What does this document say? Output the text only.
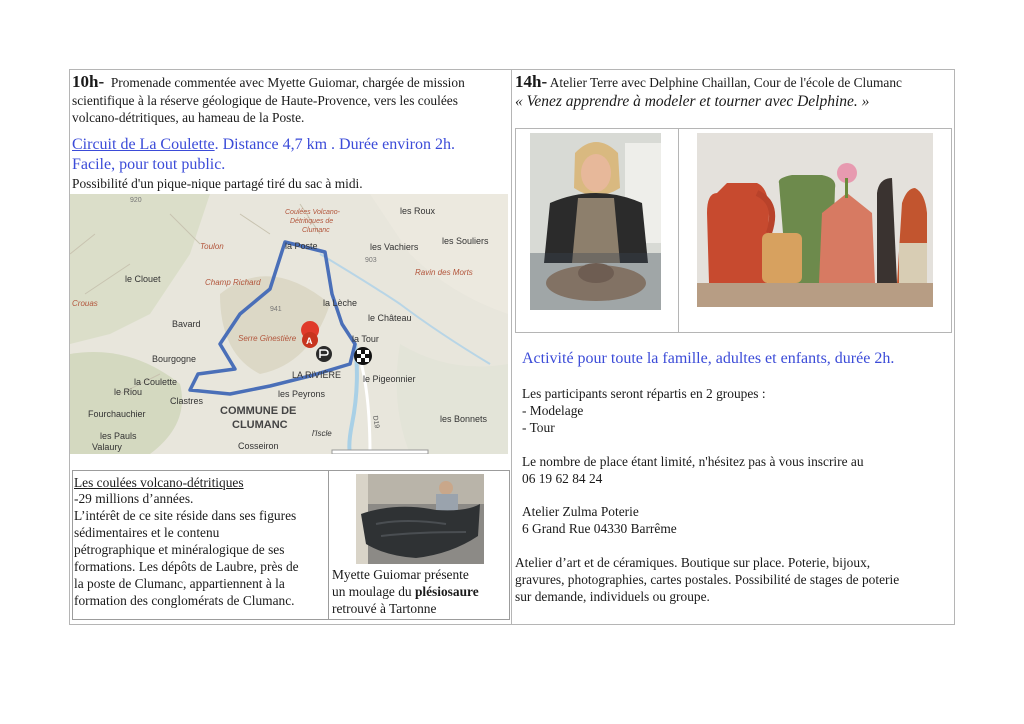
10h- Promenade commentée avec Myette Guiomar, chargée de mission
scientifique à la réserve géologique de Haute-Provence, vers les coulées
volcano-détritiques, au hameau de la Poste.
Circuit de La Coulette. Distance 4,7 km . Durée environ 2h.
Facile, pour tout public.
Possibilité d'un pique-nique partagé tiré du sac à midi.
les Roux
les Souliers
les Vachiers
Ravin des Morts
la Poste
Coulées Volcano-
Détritiques de
Clumanc
Toulon
le Clouet	Champ Richard
Crouas	la Lèche
le Château
Bavard
Serre Ginestière	la Tour
Bourgogne
LA RIVIÈRE le Pigeonnier
le Riou
la Coulette
les Peyrons
Clastres
COMMUNE DE
CLUMANC
Fourchauchier	les Bonnets
l'Iscle
les Pauls
Valaury	Cosseiron
920
903
941
D19
A
Les coulées volcano-détritiques
-29 millions d’années.
L’intérêt de ce site réside dans ses figures
sédimentaires et le contenu
pétrographique et minéralogique de ses
formations. Les dépôts de Laubre, près de
la poste de Clumanc, appartiennent à la
formation des conglomérats de Clumanc.
Myette Guiomar présente
un moulage du plésiosaure
retrouvé à Tartonne
14h- Atelier Terre avec Delphine Chaillan, Cour de l'école de Clumanc
« Venez apprendre à modeler et tourner avec Delphine. »
Activité pour toute la famille, adultes et enfants, durée 2h.
Les participants seront répartis en 2 groupes :
- Modelage
- Tour
Le nombre de place étant limité, n'hésitez pas à vous inscrire au
06 19 62 84 24
Atelier Zulma Poterie
6 Grand Rue 04330 Barrême
Atelier d’art et de céramiques. Boutique sur place. Poterie, bijoux,
gravures, photographies, cartes postales. Possibilité de stages de poterie
sur demande, individuels ou groupe.
